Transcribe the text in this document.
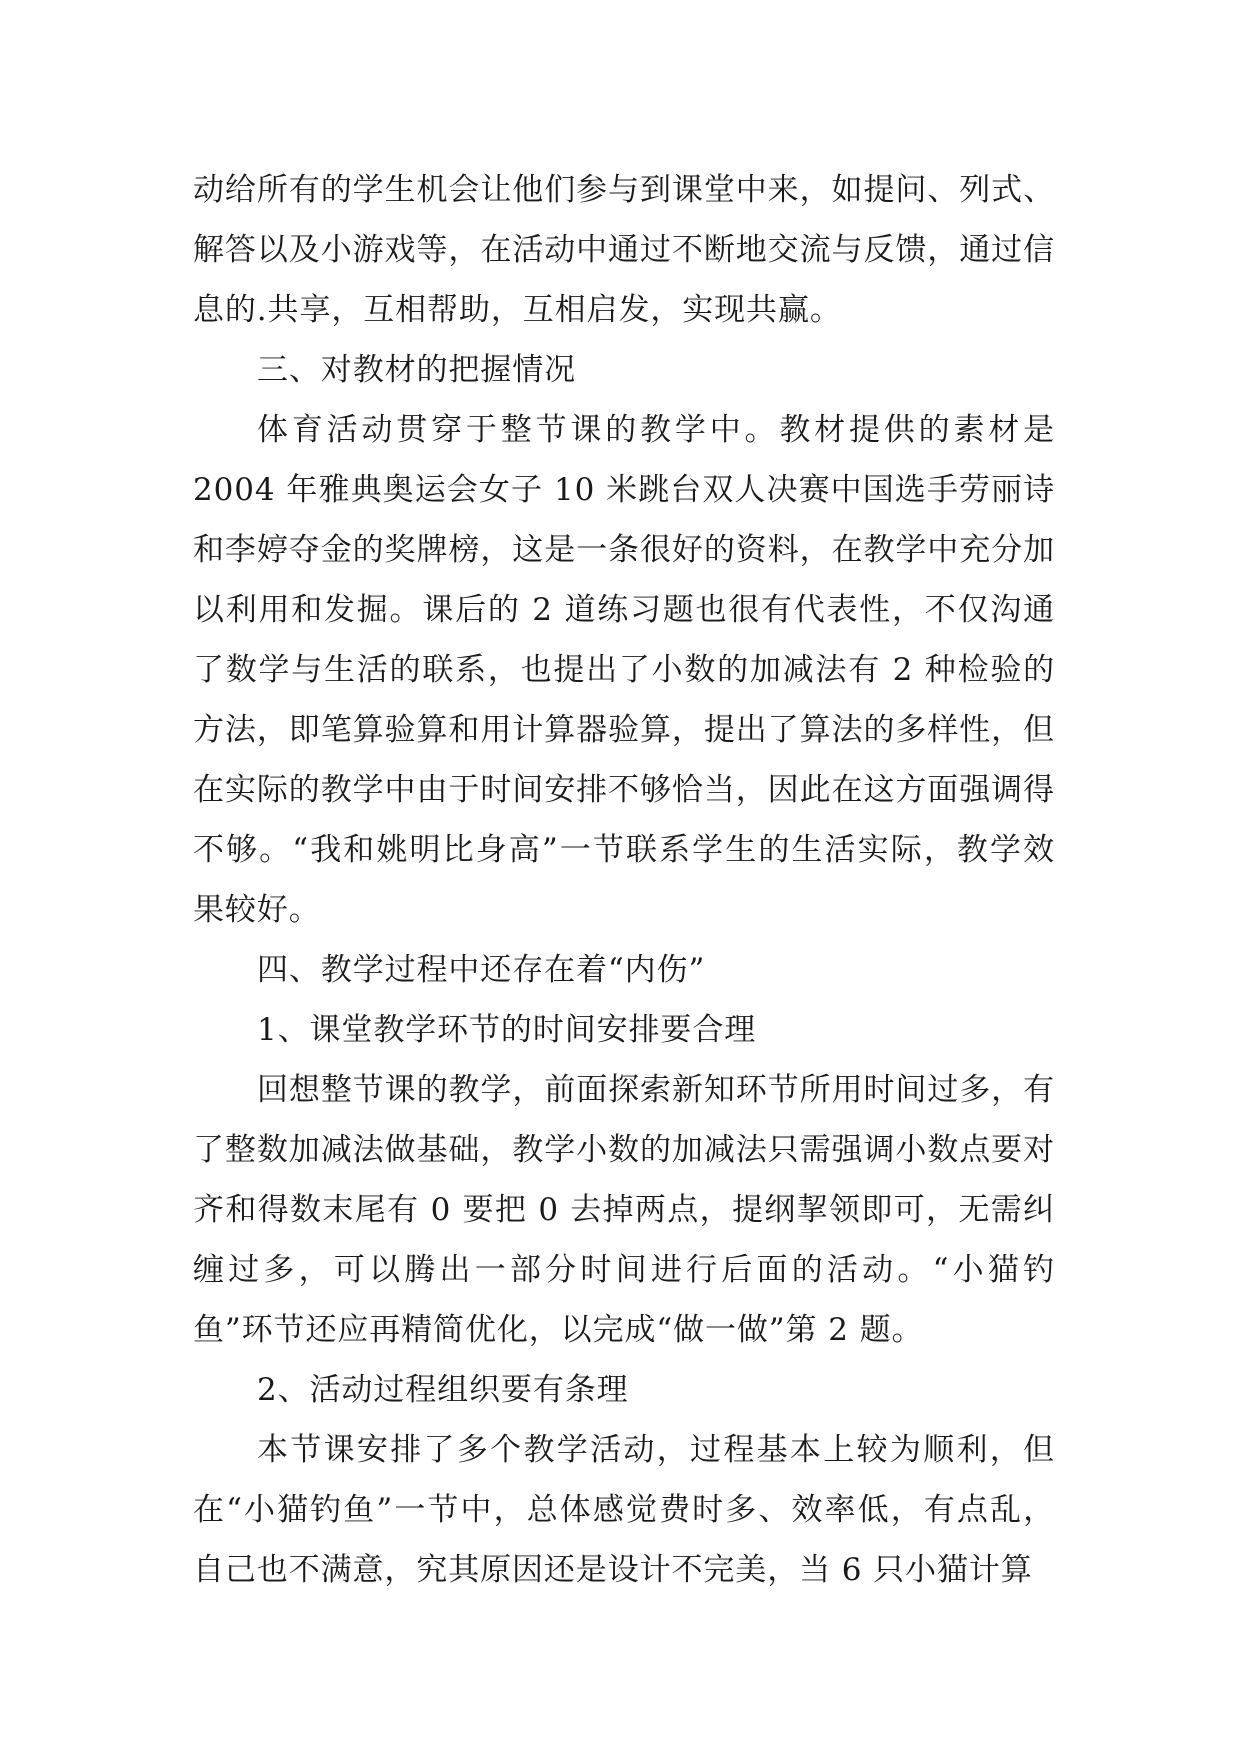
动给所有的学生机会让他们参与到课堂中来，如提问、列式、解答以及小游戏等，在活动中通过不断地交流与反馈，通过信息的.共享，互相帮助，互相启发，实现共赢。

三、对教材的把握情况

体育活动贯穿于整节课的教学中。教材提供的素材是 2004 年雅典奥运会女子 10 米跳台双人决赛中国选手劳丽诗和李婷夺金的奖牌榜，这是一条很好的资料，在教学中充分加以利用和发掘。课后的 2 道练习题也很有代表性，不仅沟通了数学与生活的联系，也提出了小数的加减法有 2 种检验的方法，即笔算验算和用计算器验算，提出了算法的多样性，但在实际的教学中由于时间安排不够恰当，因此在这方面强调得不够。“我和姚明比身高”一节联系学生的生活实际，教学效果较好。

四、教学过程中还存在着“内伤”

1、课堂教学环节的时间安排要合理

回想整节课的教学，前面探索新知环节所用时间过多，有了整数加减法做基础，教学小数的加减法只需强调小数点要对齐和得数末尾有 0 要把 0 去掉两点，提纲挈领即可，无需纠缠过多，可以腾出一部分时间进行后面的活动。“小猫钓鱼”环节还应再精简优化，以完成“做一做”第 2 题。

2、活动过程组织要有条理

本节课安排了多个教学活动，过程基本上较为顺利，但在“小猫钓鱼”一节中，总体感觉费时多、效率低，有点乱，自己也不满意，究其原因还是设计不完美，当 6 只小猫计算
